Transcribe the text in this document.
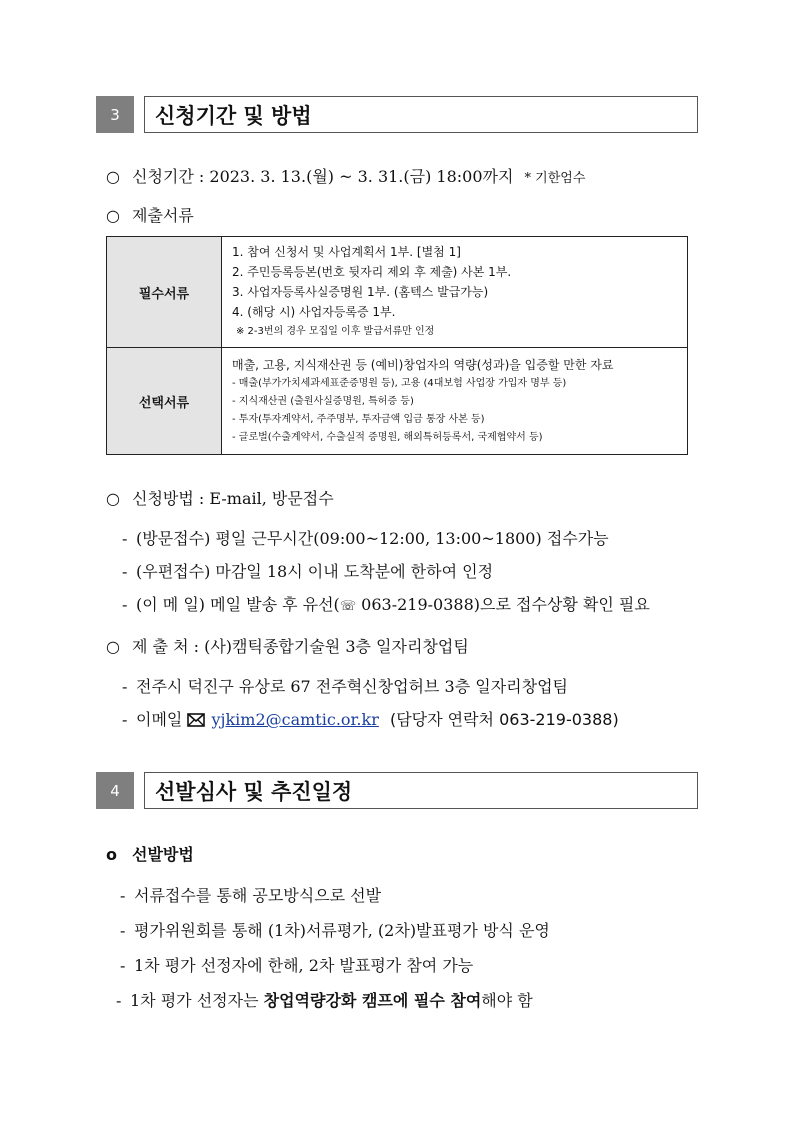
3	신청기간 및 방법
○ 신청기간 : 2023. 3. 13.(월) ~ 3. 31.(금) 18:00까지 * 기한엄수
○ 제출서류
필수서류	1. 참여 신청서 및 사업계획서 1부. [별첨 1]
2. 주민등록등본(번호 뒷자리 제외 후 제출) 사본 1부.
3. 사업자등록사실증명원 1부. (홈텍스 발급가능)
4. (해당 시) 사업자등록증 1부.
※ 2-3번의 경우 모집일 이후 발급서류만 인정

선택서류	매출, 고용, 지식재산권 등 (예비)창업자의 역량(성과)을 입증할 만한 자료
- 매출(부가가치세과세표준증명원 등), 고용 (4대보험 사업장 가입자 명부 등)
- 지식재산권 (출원사실증명원, 특허증 등)
- 투자(투자계약서, 주주명부, 투자금액 입금 통장 사본 등)
- 글로벌(수출계약서, 수출실적 증명원, 해외특허등록서, 국제협약서 등)
○ 신청방법 : E-mail, 방문접수
- (방문접수) 평일 근무시간(09:00~12:00, 13:00~1800) 접수가능
- (우편접수) 마감일 18시 이내 도착분에 한하여 인정
- (이 메 일) 메일 발송 후 유선(☏ 063-219-0388)으로 접수상황 확인 필요
○ 제 출 처 : (사)캠틱종합기술원 3층 일자리창업팀
- 전주시 덕진구 유상로 67 전주혁신창업허브 3층 일자리창업팀
- 이메일 yjkim2@camtic.or.kr (담당자 연락처 063-219-0388)
4	선발심사 및 추진일정
o 선발방법
- 서류접수를 통해 공모방식으로 선발
- 평가위원회를 통해 (1차)서류평가, (2차)발표평가 방식 운영
- 1차 평가 선정자에 한해, 2차 발표평가 참여 가능
- 1차 평가 선정자는 창업역량강화 캠프에 필수 참여해야 함
